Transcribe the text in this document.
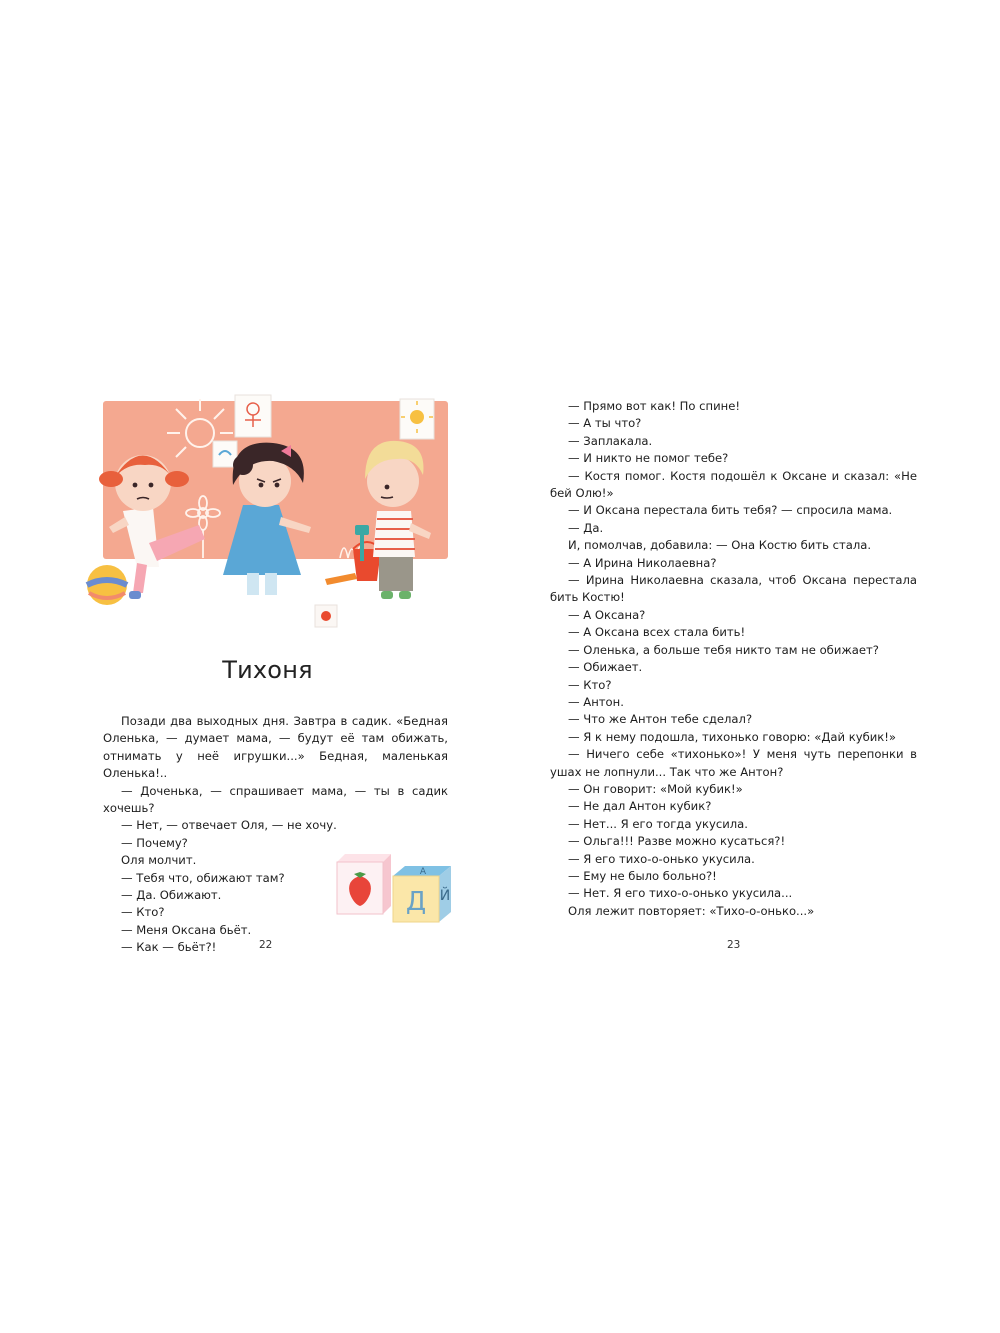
Тихоня

Позади два выходных дня. Завтра в садик. «Бедная Оленька, — думает мама, — будут её там обижать, отнимать у неё игрушки...» Бедная, маленькая Оленька!..

— Доченька, — спрашивает мама, — ты в садик хочешь?

— Нет, — отвечает Оля, — не хочу.

— Почему?

Оля молчит.

— Тебя что, обижают там?

— Да. Обижают.

— Кто?

— Меня Оксана бьёт.

— Как — бьёт?!

Д Й
А
22

— Прямо вот как! По спине!

— А ты что?

— Заплакала.

— И никто не помог тебе?

— Костя помог. Костя подошёл к Оксане и сказал: «Не бей Олю!»

— И Оксана перестала бить тебя? — спросила мама.

— Да.

И, помолчав, добавила: — Она Костю бить стала.

— А Ирина Николаевна?

— Ирина Николаевна сказала, чтоб Оксана перестала бить Костю!

— А Оксана?

— А Оксана всех стала бить!

— Оленька, а больше тебя никто там не обижает?

— Обижает.

— Кто?

— Антон.

— Что же Антон тебе сделал?

— Я к нему подошла, тихонько говорю: «Дай кубик!»

— Ничего себе «тихонько»! У меня чуть перепонки в ушах не лопнули... Так что же Антон?

— Он говорит: «Мой кубик!»

— Не дал Антон кубик?

— Нет... Я его тогда укусила.

— Ольга!!! Разве можно кусаться?!

— Я его тихо-о-онько укусила.

— Ему не было больно?!

— Нет. Я его тихо-о-онько укусила...

Оля лежит повторяет: «Тихо-о-онько...»

23
